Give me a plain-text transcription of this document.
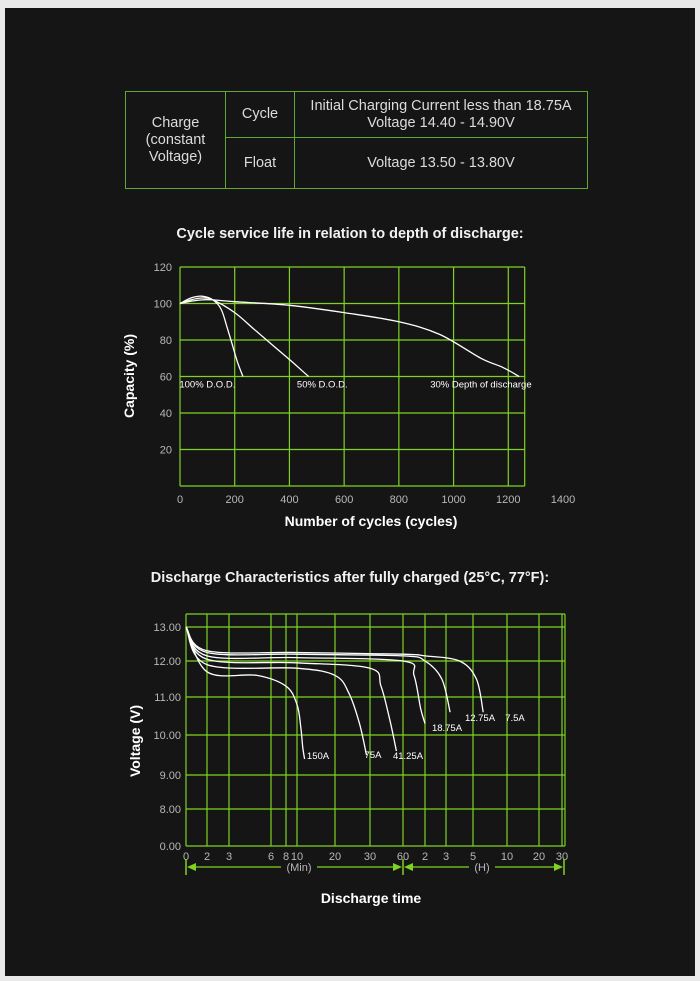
Charge (constant Voltage)	Cycle	Initial Charging Current less than 18.75A
Voltage 14.40 - 14.90V

	Float	Voltage 13.50 - 13.80V
Cycle service life in relation to depth of discharge:
Discharge Characteristics after fully charged (25°C, 77°F):
0	200	400	600	800	1000	1200	1400
20
40
60
80
100
120
Number of cycles (cycles)
Capacity (%)	100% D.O.D.	50% D.O.D.	30% Depth of discharge
13.00
12.00
11.00
10.00
9.00
8.00
0.00
0 2 3	6 8 10 20 30 60 2 3 5 10 20 30
(Min)	(H)
Discharge time
Voltage (V)	150A	75A 41.25A
18.75A
12.75A 7.5A
